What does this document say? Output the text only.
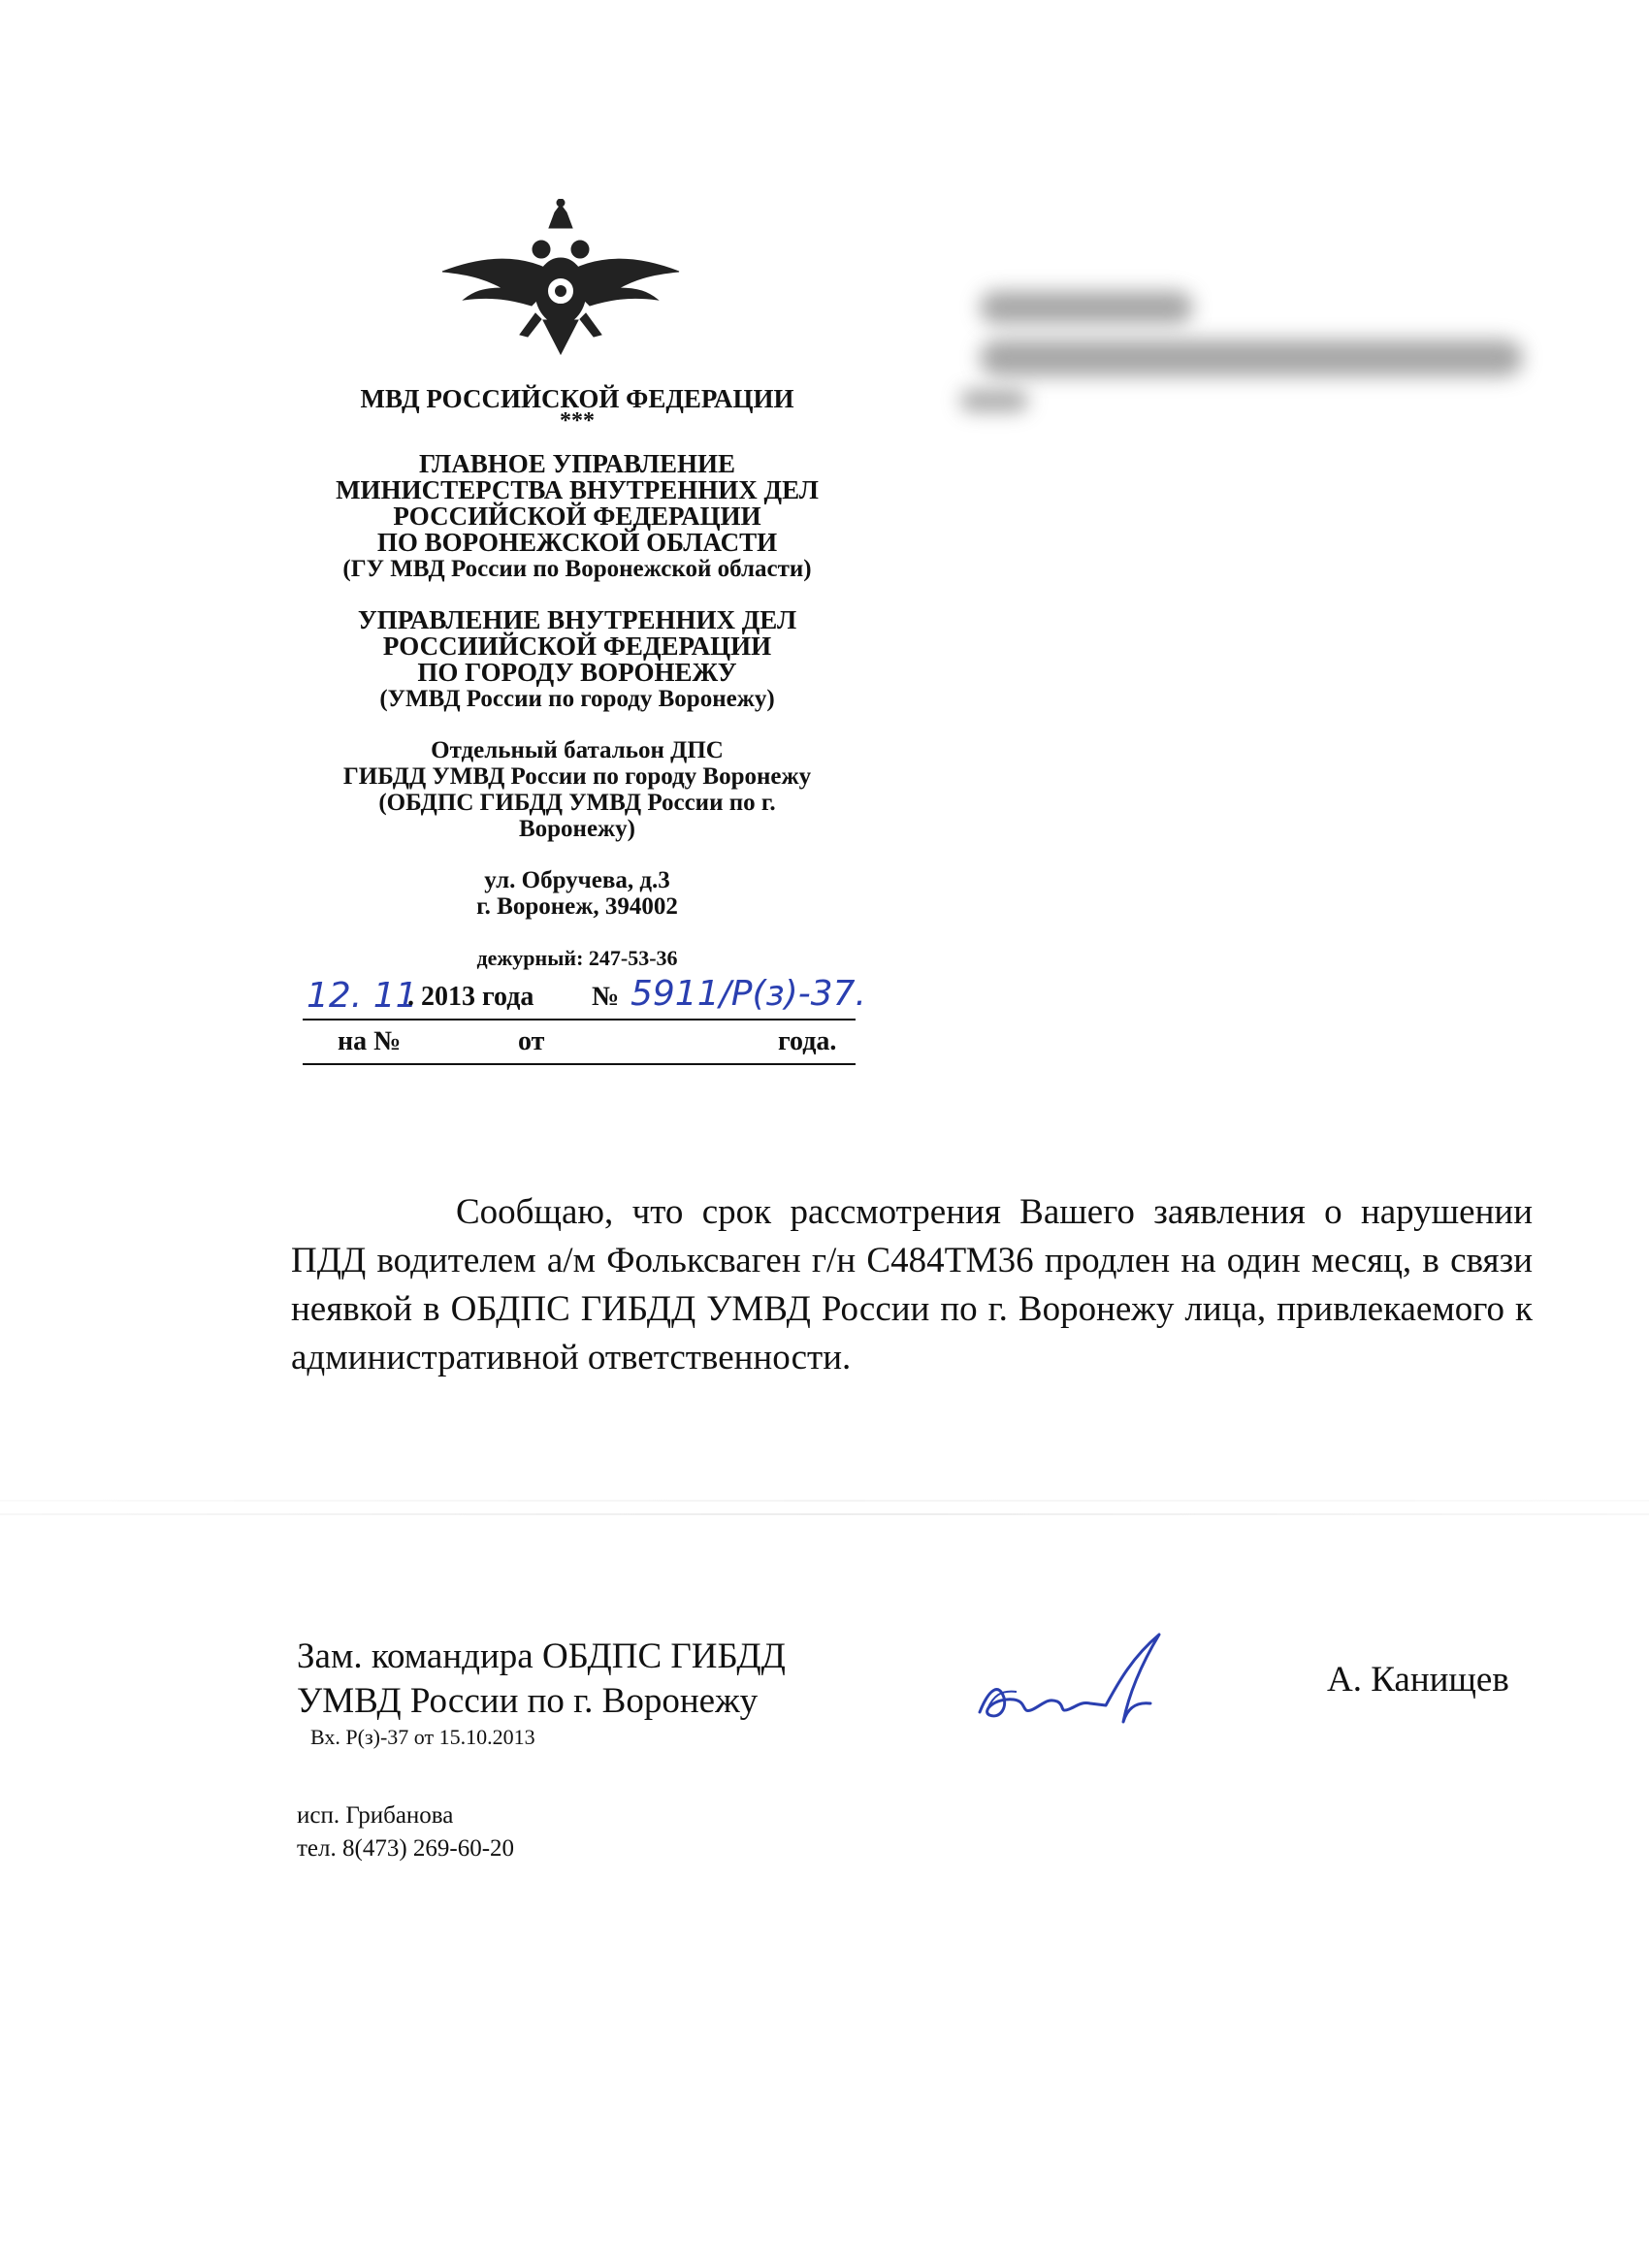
МВД РОССИЙСКОЙ ФЕДЕРАЦИИ
***
ГЛАВНОЕ УПРАВЛЕНИЕ
МИНИСТЕРСТВА ВНУТРЕННИХ ДЕЛ
РОССИЙСКОЙ ФЕДЕРАЦИИ
ПО ВОРОНЕЖСКОЙ ОБЛАСТИ
(ГУ МВД России по Воронежской области)
УПРАВЛЕНИЕ ВНУТРЕННИХ ДЕЛ
РОССИИЙСКОЙ ФЕДЕРАЦИИ
ПО ГОРОДУ ВОРОНЕЖУ
(УМВД России по городу Воронежу)
Отдельный батальон ДПС
ГИБДД УМВД России по городу Воронежу
(ОБДПС ГИБДД УМВД России по г.
Воронежу)
ул. Обручева, д.3
г. Воронеж, 394002
дежурный: 247-53-36
12. 11
. 2013 года № 5911/Р(з)-37.
на №	от	года.
Сообщаю, что срок рассмотрения Вашего заявления о нарушении ПДД водителем а/м Фольксваген г/н С484ТМ36 продлен на один месяц, в связи неявкой в ОБДПС ГИБДД УМВД России по г. Воронежу лица, привлекаемого к административной ответственности.
Зам. командира ОБДПС ГИБДД
УМВД России по г. Воронежу
А. Канищев
Вх. Р(з)-37 от 15.10.2013
исп. Грибанова
тел. 8(473) 269-60-20
